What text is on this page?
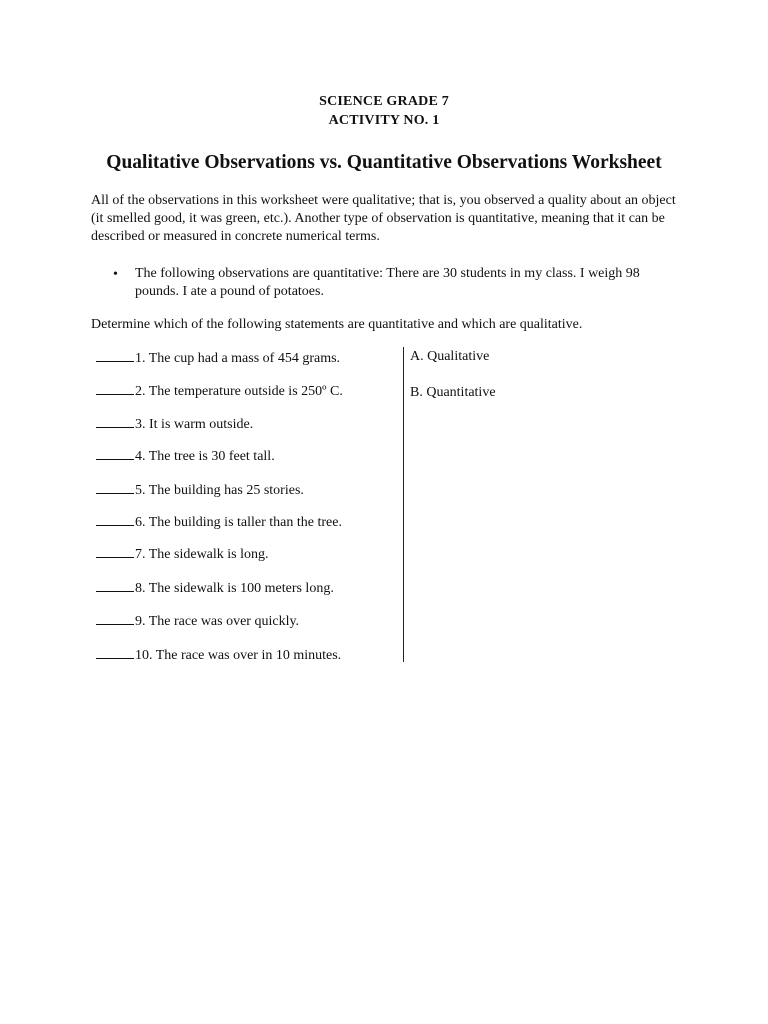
SCIENCE GRADE 7
ACTIVITY NO. 1
Qualitative Observations vs. Quantitative Observations Worksheet
All of the observations in this worksheet were qualitative; that is, you observed a quality about an object (it smelled good, it was green, etc.). Another type of observation is quantitative, meaning that it can be described or measured in concrete numerical terms.
• The following observations are quantitative: There are 30 students in my class. I weigh 98 pounds. I ate a pound of potatoes.
Determine which of the following statements are quantitative and which are qualitative.
1. The cup had a mass of 454 grams.
2. The temperature outside is 250º C.
3. It is warm outside.
4. The tree is 30 feet tall.
5. The building has 25 stories.
6. The building is taller than the tree.
7. The sidewalk is long.
8. The sidewalk is 100 meters long.
9. The race was over quickly.
10. The race was over in 10 minutes.
A. Qualitative
B. Quantitative
